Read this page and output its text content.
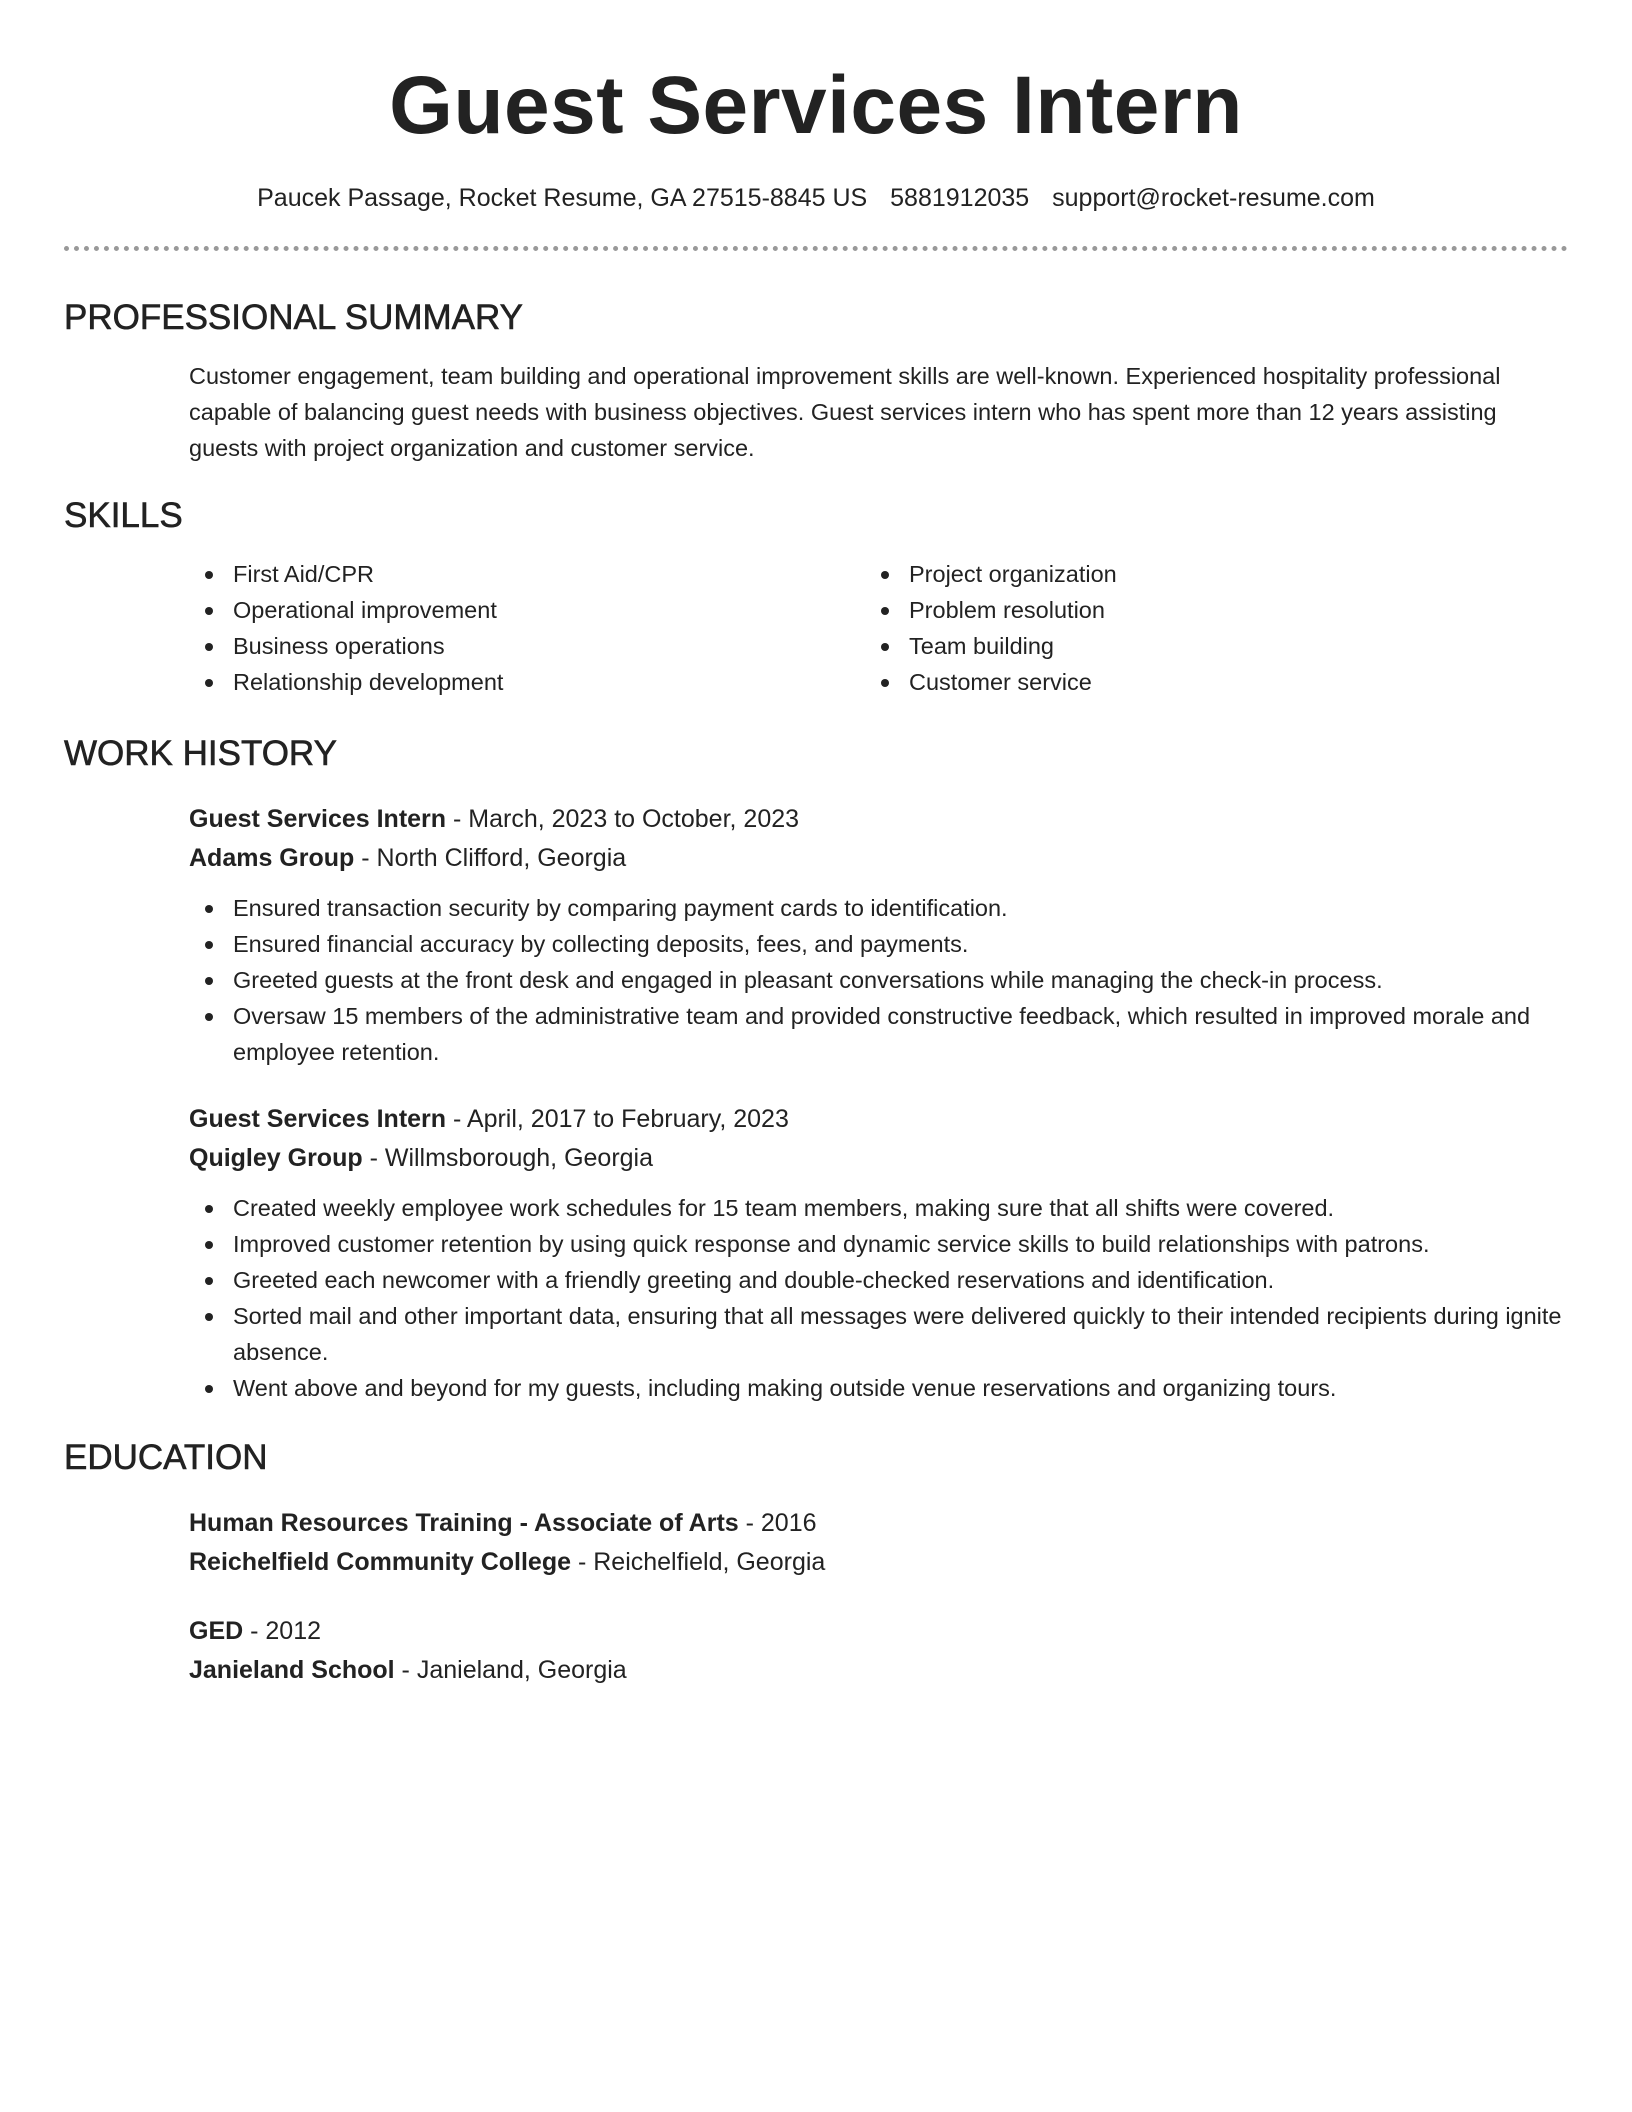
Guest Services Intern
Paucek Passage, Rocket Resume, GA 27515-8845 US 5881912035 support@rocket-resume.com
PROFESSIONAL SUMMARY
Customer engagement, team building and operational improvement skills are well-known. Experienced hospitality professional capable of balancing guest needs with business objectives. Guest services intern who has spent more than 12 years assisting guests with project organization and customer service.
SKILLS
First Aid/CPR
Operational improvement
Business operations
Relationship development
Project organization
Problem resolution
Team building
Customer service
WORK HISTORY
Guest Services Intern - March, 2023 to October, 2023
Adams Group - North Clifford, Georgia
Ensured transaction security by comparing payment cards to identification.
Ensured financial accuracy by collecting deposits, fees, and payments.
Greeted guests at the front desk and engaged in pleasant conversations while managing the check-in process.
Oversaw 15 members of the administrative team and provided constructive feedback, which resulted in improved morale and employee retention.
Guest Services Intern - April, 2017 to February, 2023
Quigley Group - Willmsborough, Georgia
Created weekly employee work schedules for 15 team members, making sure that all shifts were covered.
Improved customer retention by using quick response and dynamic service skills to build relationships with patrons.
Greeted each newcomer with a friendly greeting and double-checked reservations and identification.
Sorted mail and other important data, ensuring that all messages were delivered quickly to their intended recipients during ignite absence.
Went above and beyond for my guests, including making outside venue reservations and organizing tours.
EDUCATION
Human Resources Training - Associate of Arts - 2016
Reichelfield Community College - Reichelfield, Georgia
GED - 2012
Janieland School - Janieland, Georgia
